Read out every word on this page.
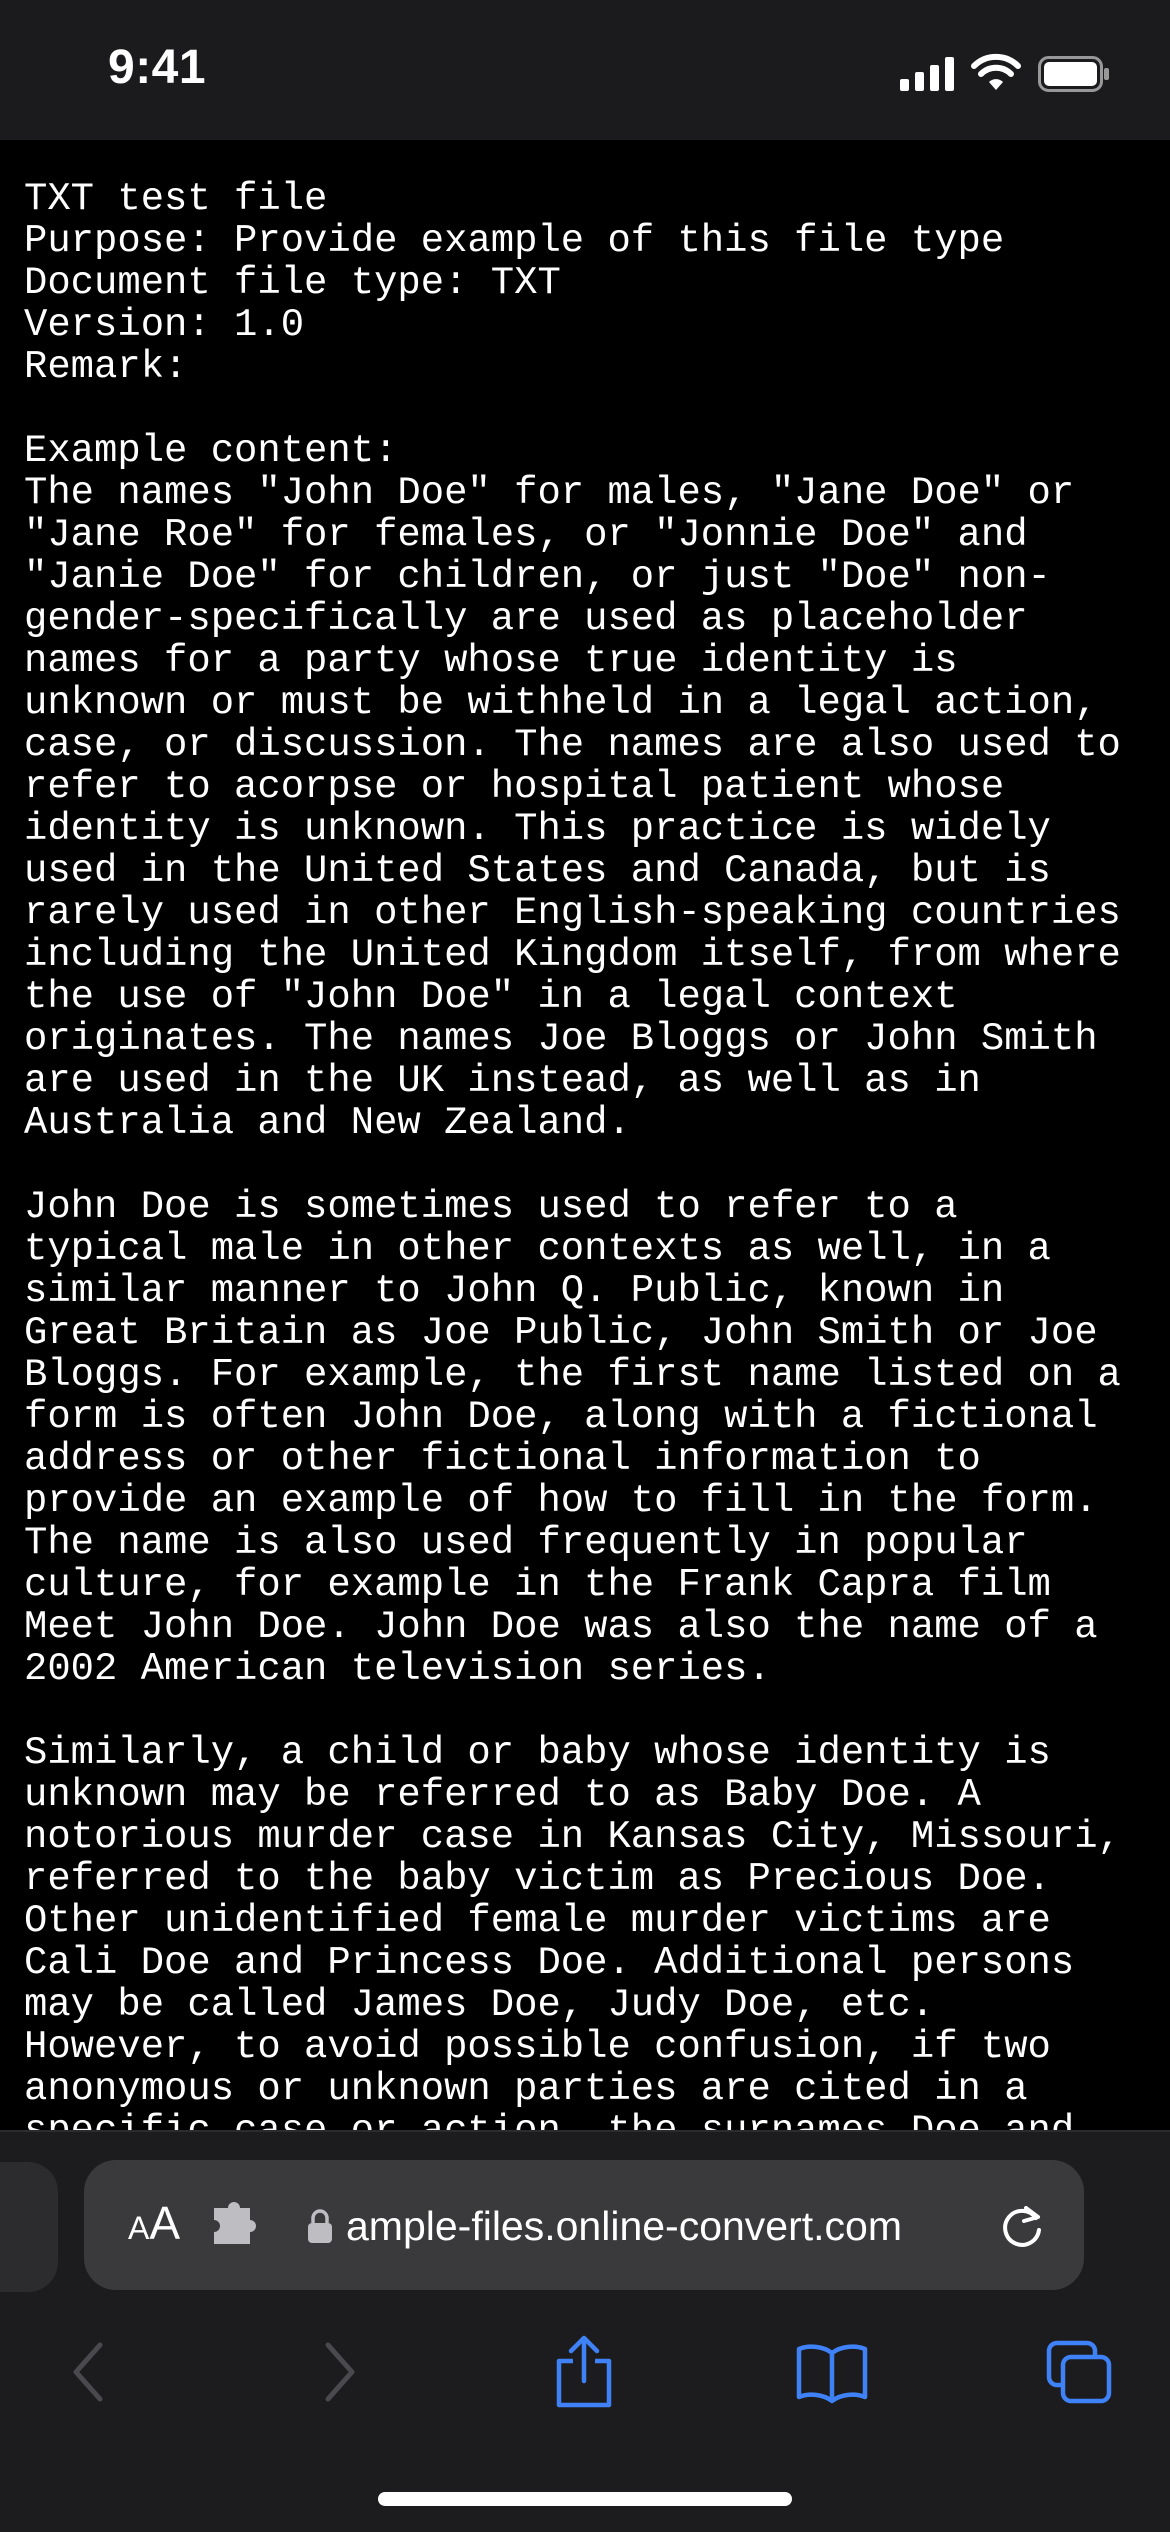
9:41
TXT test file
Purpose: Provide example of this file type
Document file type: TXT
Version: 1.0
Remark:

Example content:
The names "John Doe" for males, "Jane Doe" or
"Jane Roe" for females, or "Jonnie Doe" and
"Janie Doe" for children, or just "Doe" non-
gender-specifically are used as placeholder
names for a party whose true identity is
unknown or must be withheld in a legal action,
case, or discussion. The names are also used to
refer to acorpse or hospital patient whose
identity is unknown. This practice is widely
used in the United States and Canada, but is
rarely used in other English-speaking countries
including the United Kingdom itself, from where
the use of "John Doe" in a legal context
originates. The names Joe Bloggs or John Smith
are used in the UK instead, as well as in
Australia and New Zealand.

John Doe is sometimes used to refer to a
typical male in other contexts as well, in a
similar manner to John Q. Public, known in
Great Britain as Joe Public, John Smith or Joe
Bloggs. For example, the first name listed on a
form is often John Doe, along with a fictional
address or other fictional information to
provide an example of how to fill in the form.
The name is also used frequently in popular
culture, for example in the Frank Capra film
Meet John Doe. John Doe was also the name of a
2002 American television series.

Similarly, a child or baby whose identity is
unknown may be referred to as Baby Doe. A
notorious murder case in Kansas City, Missouri,
referred to the baby victim as Precious Doe.
Other unidentified female murder victims are
Cali Doe and Princess Doe. Additional persons
may be called James Doe, Judy Doe, etc.
However, to avoid possible confusion, if two
anonymous or unknown parties are cited in a

A A	ample-files.online-convert.com
